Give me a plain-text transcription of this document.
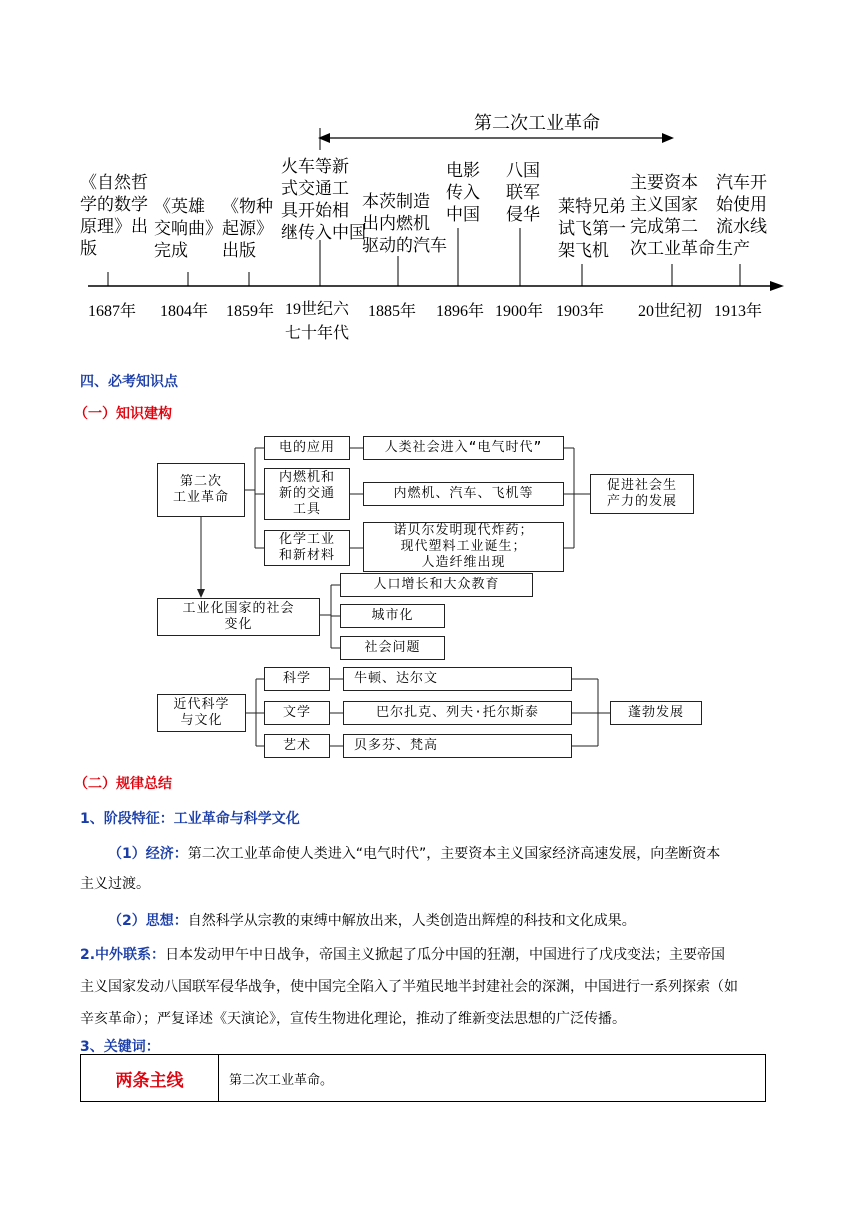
第二次工业革命
《自然哲
学的数学
原理》出
版
《英雄
交响曲》
完成
《物种
起源》
出版
火车等新
式交通工
具开始相
继传入中国
本茨制造
出内燃机
驱动的汽车
电影
传入
中国
八国
联军
侵华 莱特兄弟
试飞第一
架飞机
主要资本
主义国家
完成第二
次工业革命
汽车开
始使用
流水线
生产
1687年 1804年 1859年 19世纪六
七十年代
1885年 1896年 1900年 1903年 20世纪初 1913年
四、必考知识点
（一）知识建构
第二次
工业革命
电的应用
内燃机和
新的交通
工具
化学工业
和新材料
人类社会进入“电气时代”
内燃机、汽车、飞机等
诺贝尔发明现代炸药；
现代塑料工业诞生；
人造纤维出现
促进社会生
产力的发展
工业化国家的社会
变化
人口增长和大众教育
城市化
社会问题
近代科学
与文化
科学
文学
艺术
牛顿、达尔文
巴尔扎克、列夫·托尔斯泰
贝多芬、梵高
蓬勃发展
（二）规律总结
1、阶段特征：工业革命与科学文化
（1）经济：第二次工业革命使人类进入“电气时代”，主要资本主义国家经济高速发展，向垄断资本
主义过渡。
（2）思想：自然科学从宗教的束缚中解放出来，人类创造出辉煌的科技和文化成果。
2.中外联系：日本发动甲午中日战争，帝国主义掀起了瓜分中国的狂潮，中国进行了戊戌变法；主要帝国
主义国家发动八国联军侵华战争，使中国完全陷入了半殖民地半封建社会的深渊，中国进行一系列探索（如
辛亥革命）；严复译述《天演论》，宣传生物进化理论，推动了维新变法思想的广泛传播。
3、关键词：
两条主线	第二次工业革命。
